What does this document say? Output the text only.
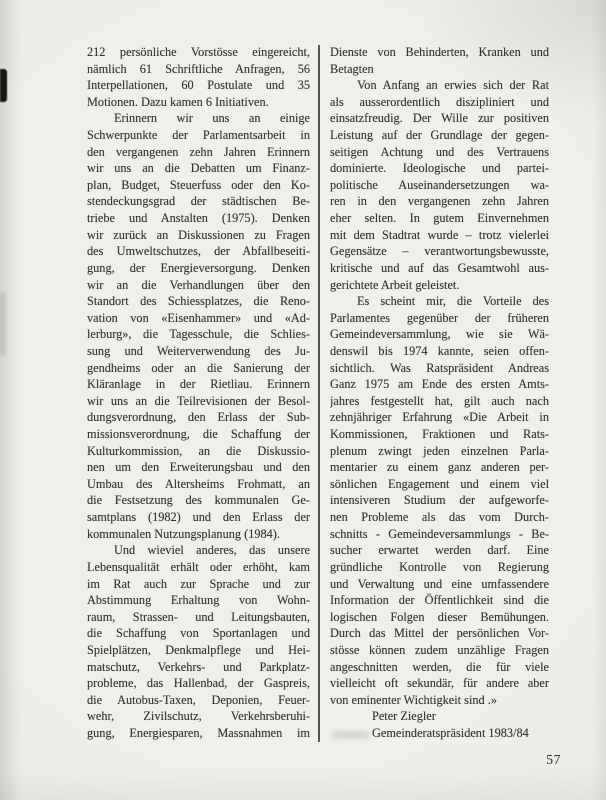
212 persönliche Vorstösse eingereicht,
nämlich 61 Schriftliche Anfragen, 56
Interpellationen, 60 Postulate und 35
Motionen. Dazu kamen 6 Initiativen.
Erinnern wir uns an einige
Schwerpunkte der Parlamentsarbeit in
den vergangenen zehn Jahren Erinnern
wir uns an die Debatten um Finanz-
plan, Budget, Steuerfuss oder den Ko-
stendeckungsgrad der städtischen Be-
triebe und Anstalten (1975). Denken
wir zurück an Diskussionen zu Fragen
des Umweltschutzes, der Abfallbeseiti-
gung, der Energieversorgung. Denken
wir an die Verhandlungen über den
Standort des Schiessplatzes, die Reno-
vation von «Eisenhammer» und «Ad-
lerburg», die Tagesschule, die Schlies-
sung und Weiterverwendung des Ju-
gendheims oder an die Sanierung der
Kläranlage in der Rietliau. Erinnern
wir uns an die Teilrevisionen der Besol-
dungsverordnung, den Erlass der Sub-
missionsverordnung, die Schaffung der
Kulturkommission, an die Diskussio-
nen um den Erweiterungsbau und den
Umbau des Altersheims Frohmatt, an
die Festsetzung des kommunalen Ge-
samtplans (1982) und den Erlass der
kommunalen Nutzungsplanung (1984).
Und wieviel anderes, das unsere
Lebensqualität erhält oder erhöht, kam
im Rat auch zur Sprache und zur
Abstimmung Erhaltung von Wohn-
raum, Strassen- und Leitungsbauten,
die Schaffung von Sportanlagen und
Spielplätzen, Denkmalpflege und Hei-
matschutz, Verkehrs- und Parkplatz-
probleme, das Hallenbad, der Gaspreis,
die Autobus-Taxen, Deponien, Feuer-
wehr, Zivilschutz, Verkehrsberuhi-
gung, Energiesparen, Massnahmen im
Dienste von Behinderten, Kranken und
Betagten
Von Anfang an erwies sich der Rat
als ausserordentlich diszipliniert und
einsatzfreudig. Der Wille zur positiven
Leistung auf der Grundlage der gegen-
seitigen Achtung und des Vertrauens
dominierte. Ideologische und partei-
politische Auseinandersetzungen wa-
ren in den vergangenen zehn Jahren
eher selten. In gutem Einvernehmen
mit dem Stadtrat wurde – trotz vielerlei
Gegensätze – verantwortungsbewusste,
kritische und auf das Gesamtwohl aus-
gerichtete Arbeit geleistet.
Es scheint mir, die Vorteile des
Parlamentes gegenüber der früheren
Gemeindeversammlung, wie sie Wä-
denswil bis 1974 kannte, seien offen-
sichtlich. Was Ratspräsident Andreas
Ganz 1975 am Ende des ersten Amts-
jahres festgestellt hat, gilt auch nach
zehnjähriger Erfahrung «Die Arbeit in
Kommissionen, Fraktionen und Rats-
plenum zwingt jeden einzelnen Parla-
mentarier zu einem ganz anderen per-
sönlichen Engagement und einem viel
intensiveren Studium der aufgeworfe-
nen Probleme als das vom Durch-
schnitts - Gemeindeversammlungs - Be-
sucher erwartet werden darf. Eine
gründliche Kontrolle von Regierung
und Verwaltung und eine umfassendere
Information der Öffentlichkeit sind die
logischen Folgen dieser Bemühungen.
Durch das Mittel der persönlichen Vor-
stösse können zudem unzählige Fragen
angeschnitten werden, die für viele
vielleicht oft sekundär, für andere aber
von eminenter Wichtigkeit sind .»
Peter Ziegler
Gemeinderatspräsident 1983/84
57
